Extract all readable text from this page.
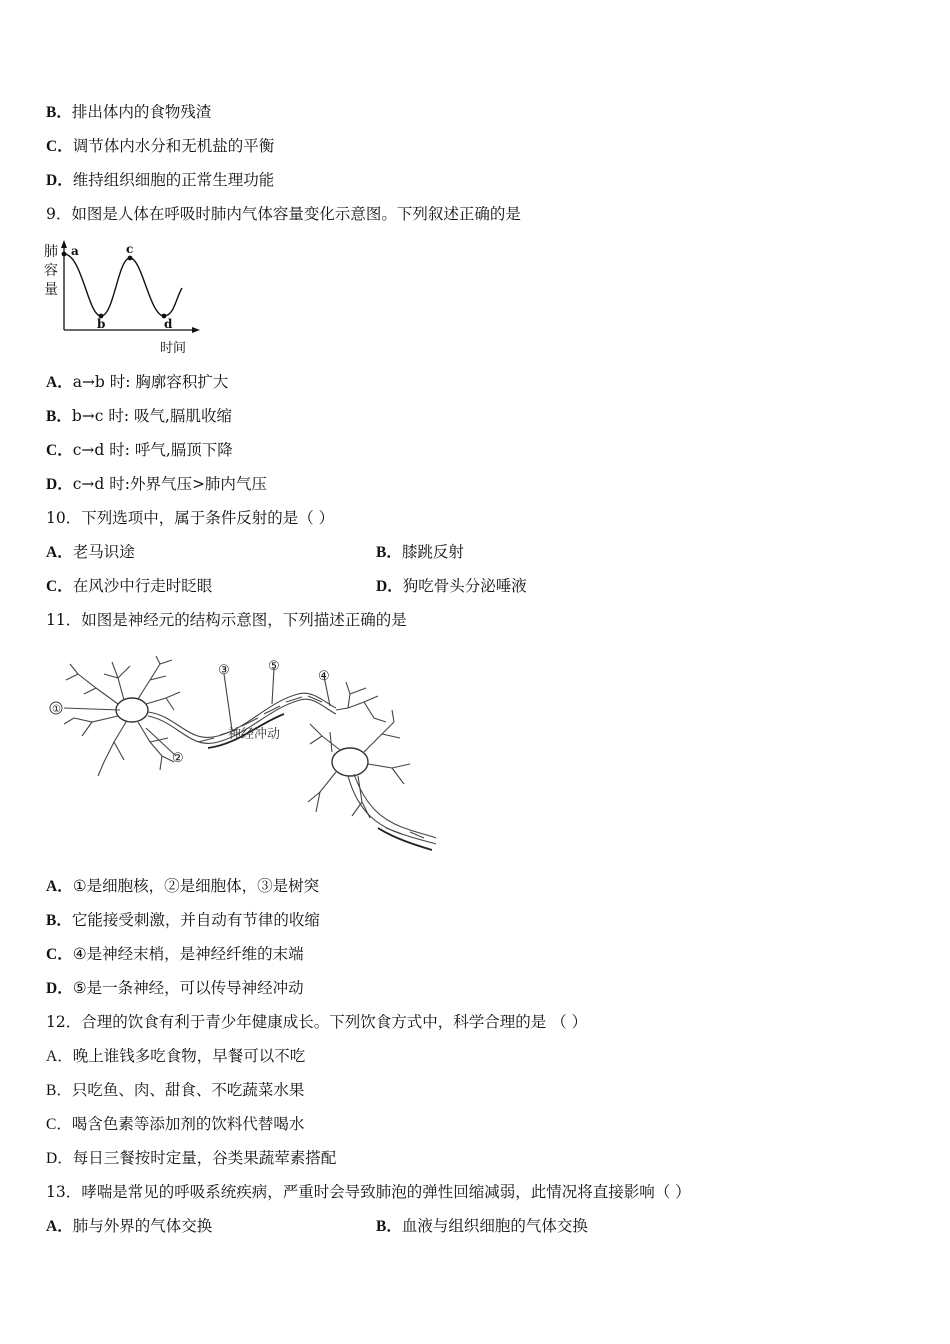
B．排出体内的食物残渣
C．调节体内水分和无机盐的平衡
D．维持组织细胞的正常生理功能
9．如图是人体在呼吸时肺内气体容量变化示意图。下列叙述正确的是
肺
容
量
a
b
c
d
时间
A．a→b 时: 胸廓容积扩大
B．b→c 时: 吸气,膈肌收缩
C．c→d 时: 呼气,膈顶下降
D．c→d 时:外界气压>肺内气压
10．下列选项中，属于条件反射的是（ ）
A．老马识途	B．膝跳反射
C．在风沙中行走时眨眼	D．狗吃骨头分泌唾液
11．如图是神经元的结构示意图，下列描述正确的是
①
②
③	④
⑤
神经冲动
A．①是细胞核，②是细胞体，③是树突
B．它能接受刺激，并自动有节律的收缩
C．④是神经末梢，是神经纤维的末端
D．⑤是一条神经，可以传导神经冲动
12．合理的饮食有利于青少年健康成长。下列饮食方式中，科学合理的是 （ ）
A．晚上谁钱多吃食物，早餐可以不吃
B．只吃鱼、肉、甜食、不吃蔬菜水果
C．喝含色素等添加剂的饮料代替喝水
D．每日三餐按时定量，谷类果蔬荤素搭配
13．哮喘是常见的呼吸系统疾病，严重时会导致肺泡的弹性回缩减弱，此情况将直接影响（ ）
A．肺与外界的气体交换	B．血液与组织细胞的气体交换
